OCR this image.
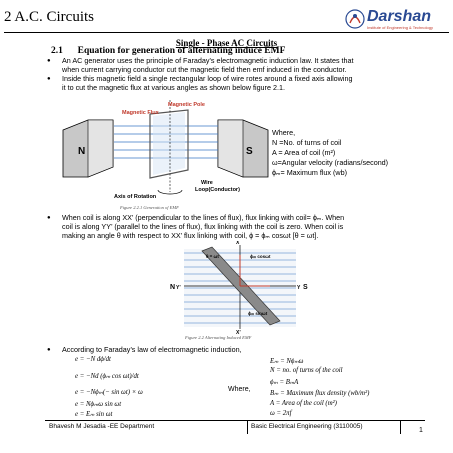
2 A.C. Circuits	Darshan
Institute of Engineering & Technology
Single - Phase AC Circuits
2.1 Equation for generation of alternating induce EMF
● An AC generator uses the principle of Faraday’s electromagnetic induction law. It states that
when current carrying conductor cut the magnetic field then emf induced in the conductor.
● Inside this magnetic field a single rectangular loop of wire rotes around a fixed axis allowing
it to cut the magnetic flux at various angles as shown below figure 2.1.
N	S
Magnetic Pole
Magnetic Flux
Wire
Loop(Conductor)
Axis of Rotation
Figure 2.2.1 Generation of EMF
Where,
N =No. of turns of coil
A = Area of coil (m²)
ω=Angular velocity (radians/second)
ϕₘ= Maximum flux (wb)
● When coil is along XX’ (perpendicular to the lines of flux), flux linking with coil= ϕₘ. When
coil is along YY’ (parallel to the lines of flux), flux linking with the coil is zero. When coil is
making an angle θ with respect to XX’ flux linking with coil, ϕ = ϕₘ cosωt [θ = ωt].
X
X’
N Y’	Y S
θ = ωt	ϕₘ cosωt
ϕₘ sinωt
Figure 2.2 Alternating Induced EMF
● According to Faraday’s law of electromagnetic induction,
e = −N dϕ/dt
e = −Nd (ϕₘ cos ωt)/dt
e = −Nϕₘ(− sin ωt) × ω
e = Nϕₘω sin ωt
e = Eₘ sin ωt
Where,
Eₘ = Nϕₘω
N = no. of turns of the coil
ϕₘ = BₘA
Bₘ = Maximum flux density (wb/m²)
A = Area of the coil (m²)
ω = 2πf
Bhavesh M Jesadia -EE Department	Basic Electrical Engineering (3110005)
1
